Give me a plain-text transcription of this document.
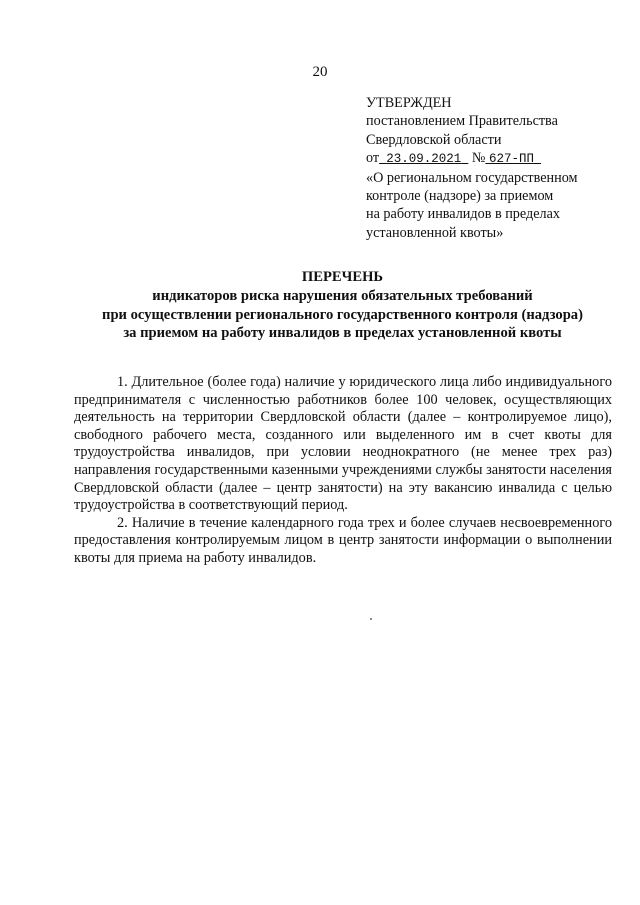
20
УТВЕРЖДЕН
постановлением Правительства
Свердловской области
от 23.09.2021 № 627-ПП
«О региональном государственном
контроле (надзоре) за приемом
на работу инвалидов в пределах
установленной квоты»
ПЕРЕЧЕНЬ
индикаторов риска нарушения обязательных требований
при осуществлении регионального государственного контроля (надзора)
за приемом на работу инвалидов в пределах установленной квоты

1. Длительное (более года) наличие у юридического лица либо индивидуального предпринимателя с численностью работников более 100 человек, осуществляющих деятельность на территории Свердловской области (далее – контролируемое лицо), свободного рабочего места, созданного или выделенного им в счет квоты для трудоустройства инвалидов, при условии неоднократного (не менее трех раз) направления государственными казенными учреждениями службы занятости населения Свердловской области (далее – центр занятости) на эту вакансию инвалида с целью трудоустройства в соответствующий период.

2. Наличие в течение календарного года трех и более случаев несвоевременного предоставления контролируемым лицом в центр занятости информации о выполнении квоты для приема на работу инвалидов.
